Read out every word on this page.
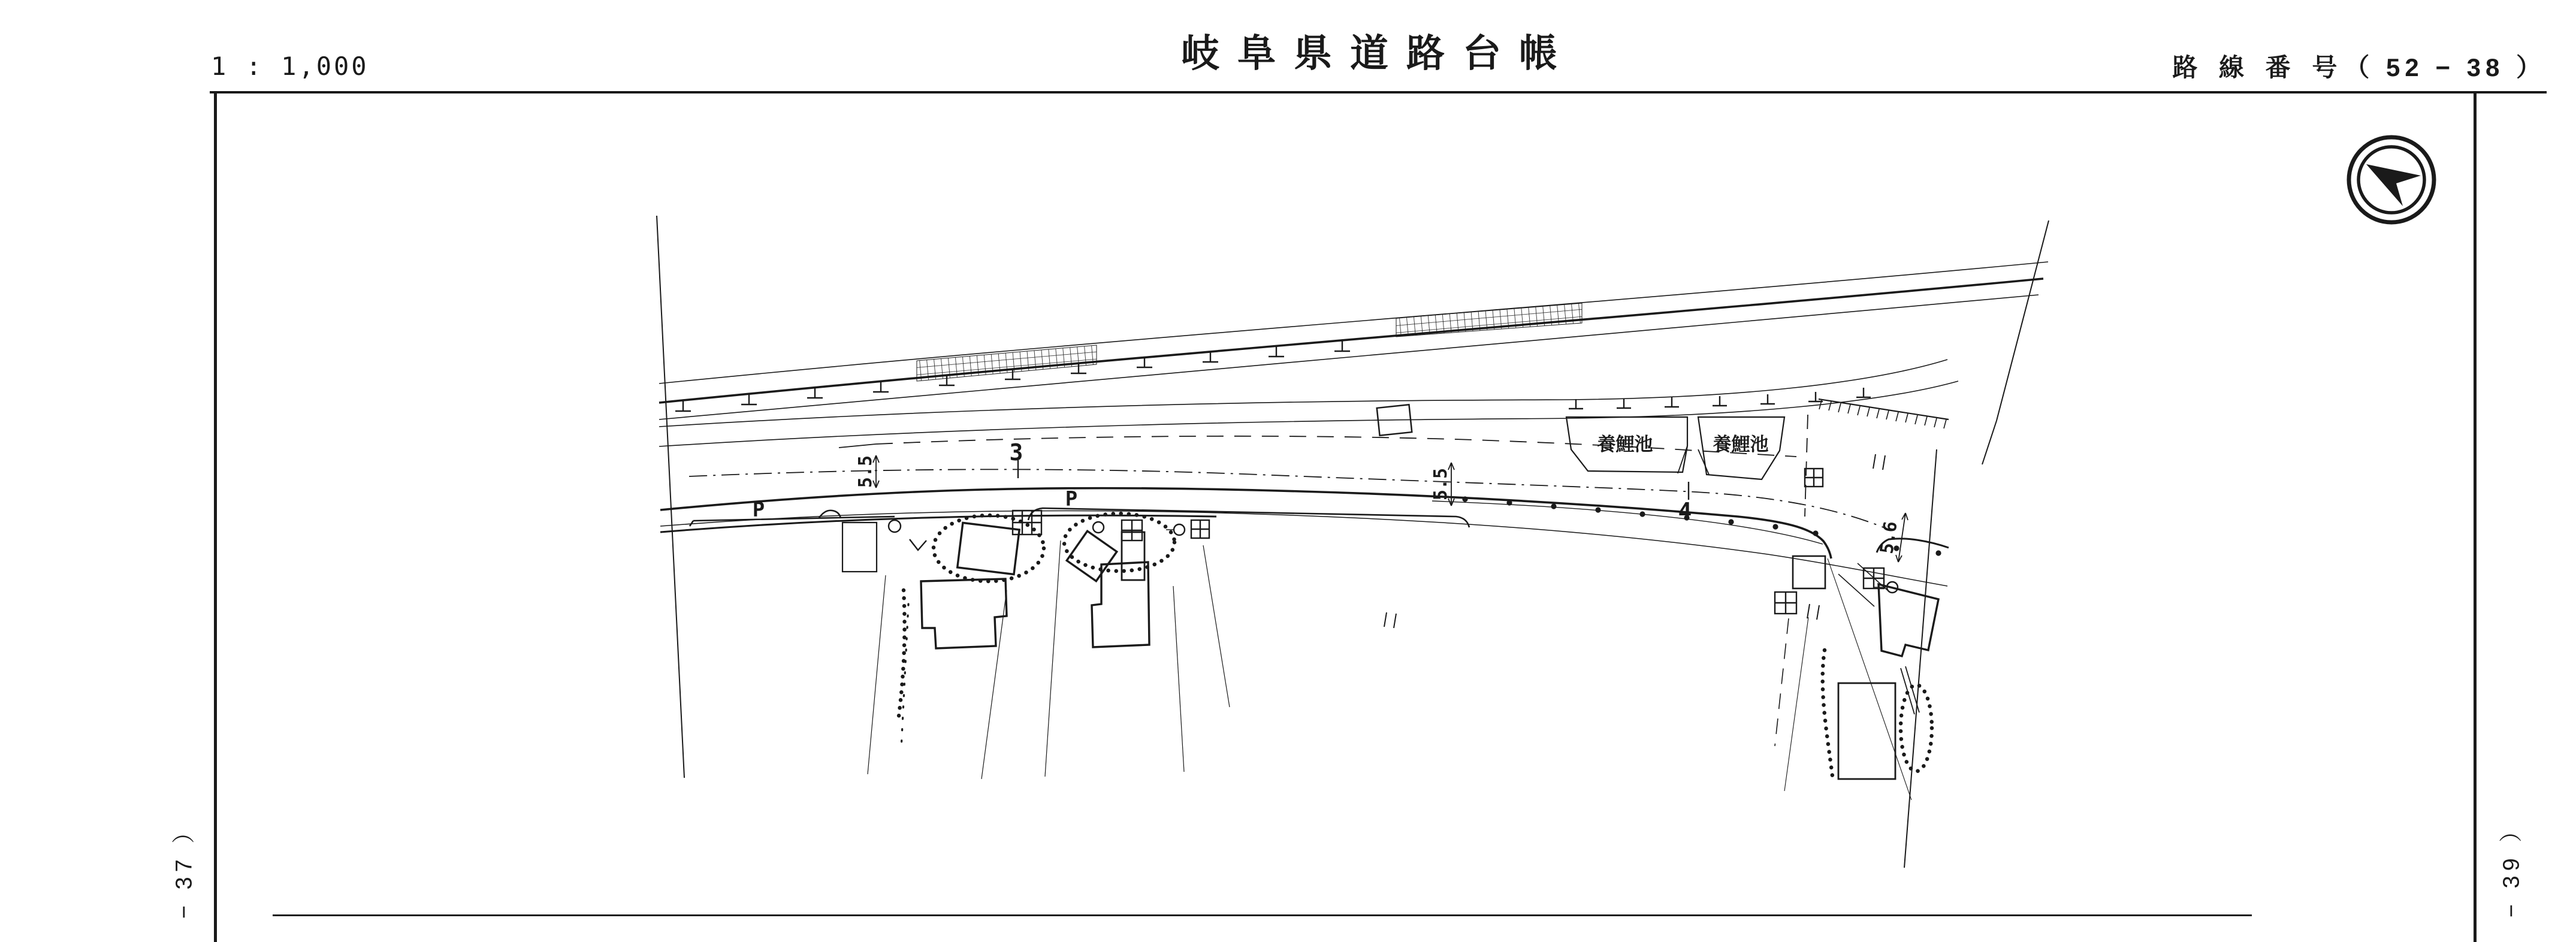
1 : 1,000	岐阜県道路台帳	路 線 番 号（ 52 − 38 ）
− 37 ）	− 39 ）
養鯉池	養鯉池
3
4
5.5	5.5
5.6
P	P
